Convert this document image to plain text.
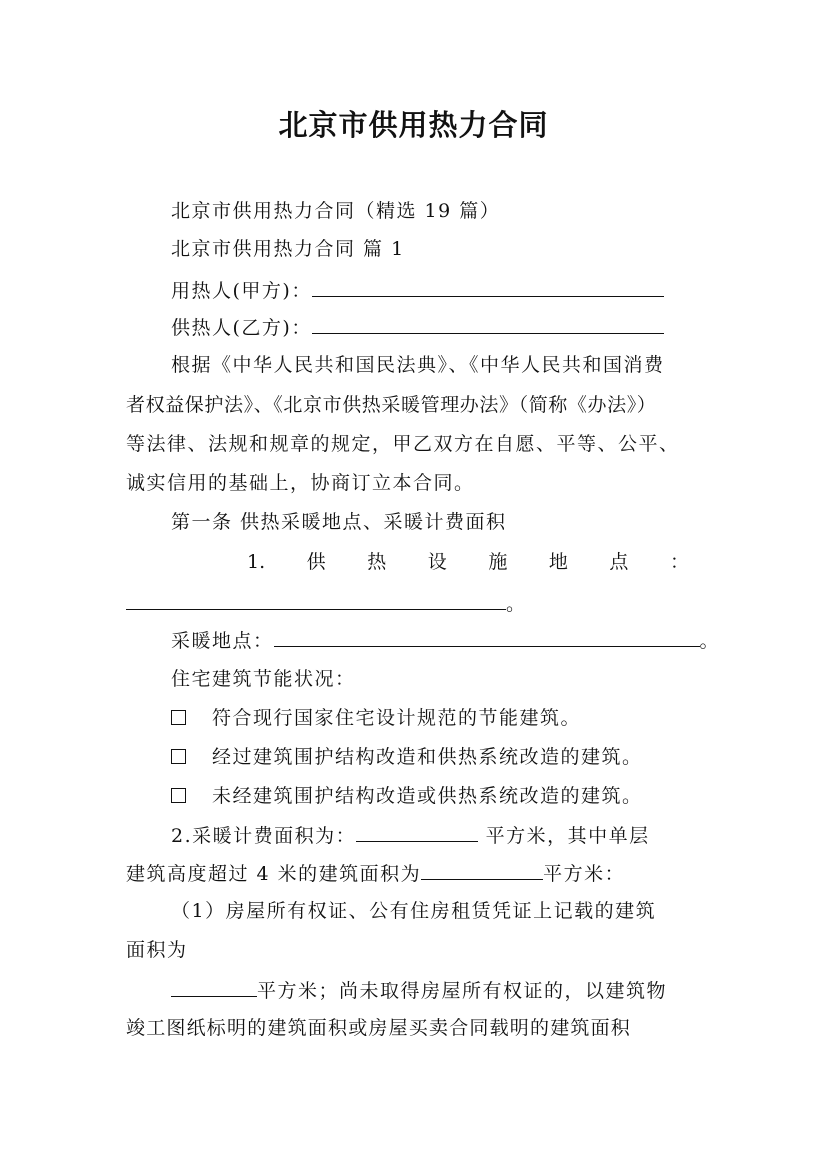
北京市供用热力合同
北京市供用热力合同（精选 19 篇）
北京市供用热力合同 篇 1
用热人(甲方)：
供热人(乙方)：
根据《中华人民共和国民法典》、《中华人民共和国消费
者权益保护法》、《北京市供热采暖管理办法》（简称《办法》）
等法律、法规和规章的规定，甲乙双方在自愿、平等、公平、
诚实信用的基础上，协商订立本合同。
第一条 供热采暖地点、采暖计费面积
1. 供 热 设 施 地 点 ：
。
采暖地点：	。
住宅建筑节能状况：
符合现行国家住宅设计规范的节能建筑。
经过建筑围护结构改造和供热系统改造的建筑。
未经建筑围护结构改造或供热系统改造的建筑。
2.采暖计费面积为：	平方米，其中单层
建筑高度超过 4 米的建筑面积为	平方米：
（1）房屋所有权证、公有住房租赁凭证上记载的建筑
面积为
平方米；尚未取得房屋所有权证的，以建筑物
竣工图纸标明的建筑面积或房屋买卖合同载明的建筑面积
